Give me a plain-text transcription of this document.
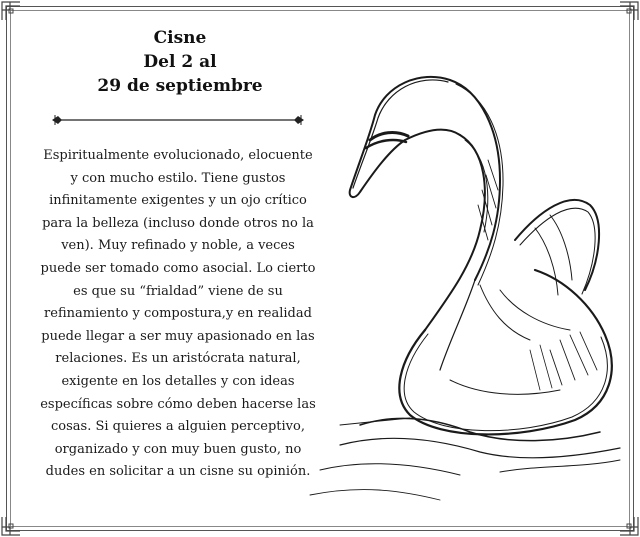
Cisne
Del 2 al
29 de septiembre
Espiritualmente evolucionado, elocuente y con mucho estilo. Tiene gustos infinitamente exigentes y un ojo crítico para la belleza (incluso donde otros no la ven). Muy refinado y noble, a veces puede ser tomado como asocial. Lo cierto es que su “frialdad” viene de su refinamiento y compostura,y en realidad puede llegar a ser muy apasionado en las relaciones. Es un aristócrata natural, exigente en los detalles y con ideas específicas sobre cómo deben hacerse las cosas. Si quieres a alguien perceptivo, organizado y con muy buen gusto, no dudes en solicitar a un cisne su opinión.
